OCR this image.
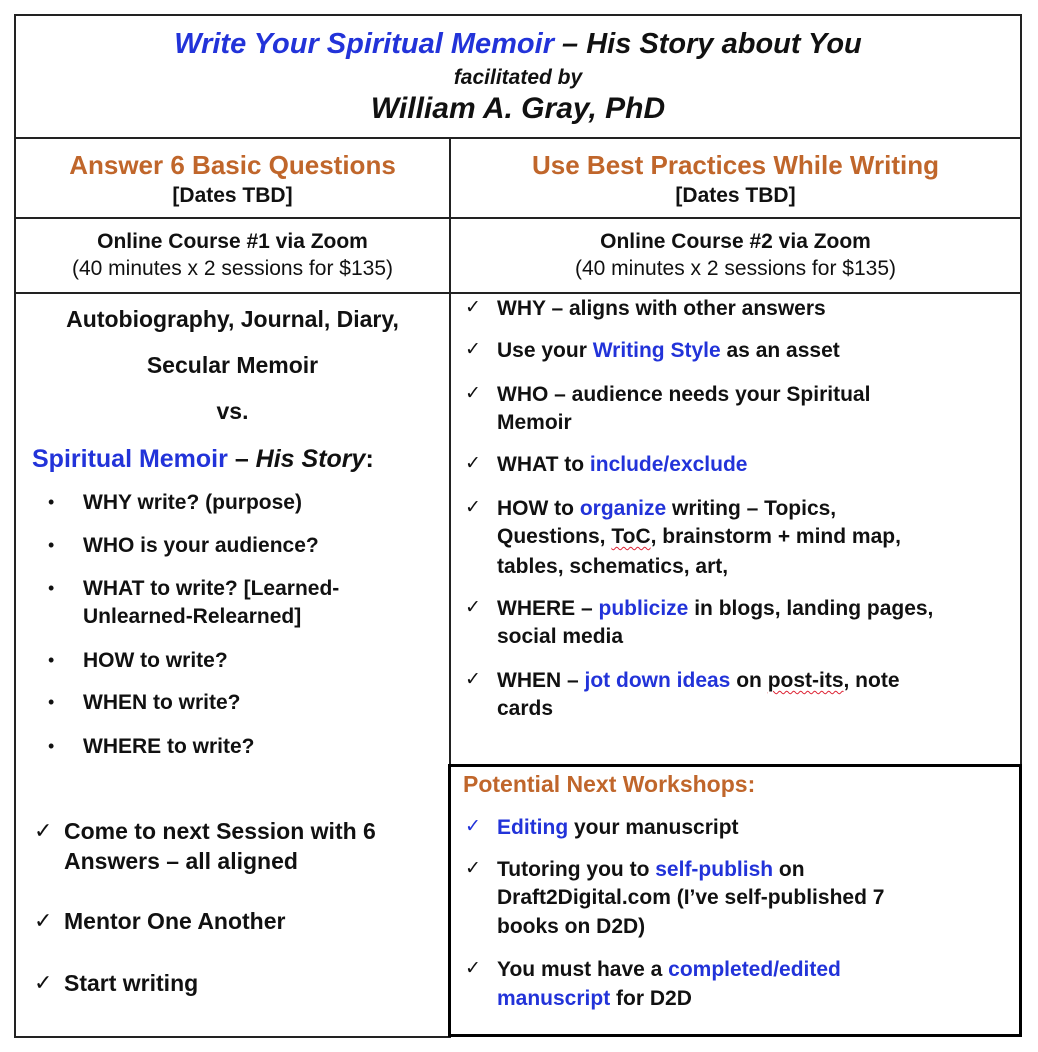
Write Your Spiritual Memoir – His Story about You
facilitated by
William A. Gray, PhD
Answer 6 Basic Questions
[Dates TBD]
Online Course #1 via Zoom
(40 minutes x 2 sessions for $135)
Use Best Practices While Writing
[Dates TBD]
Online Course #2 via Zoom
(40 minutes x 2 sessions for $135)
Autobiography, Journal, Diary,
Secular Memoir
vs.
Spiritual Memoir – His Story:
• WHY write? (purpose)
• WHO is your audience?
• WHAT to write? [Learned-
Unlearned-Relearned]
• HOW to write?
• WHEN to write?
• WHERE to write?
✓ Come to next Session with 6
Answers – all aligned
✓ Mentor One Another
✓ Start writing
✓ WHY – aligns with other answers
✓ Use your Writing Style as an asset
✓ WHO – audience needs your Spiritual
Memoir
✓ WHAT to include/exclude
✓ HOW to organize writing – Topics,
Questions, ToC, brainstorm + mind map,
tables, schematics, art,
✓ WHERE – publicize in blogs, landing pages,
social media
✓ WHEN – jot down ideas on post-its, note
cards
Potential Next Workshops:
✓ Editing your manuscript
✓ Tutoring you to self-publish on
Draft2Digital.com (I’ve self-published 7
books on D2D)
✓ You must have a completed/edited
manuscript for D2D
